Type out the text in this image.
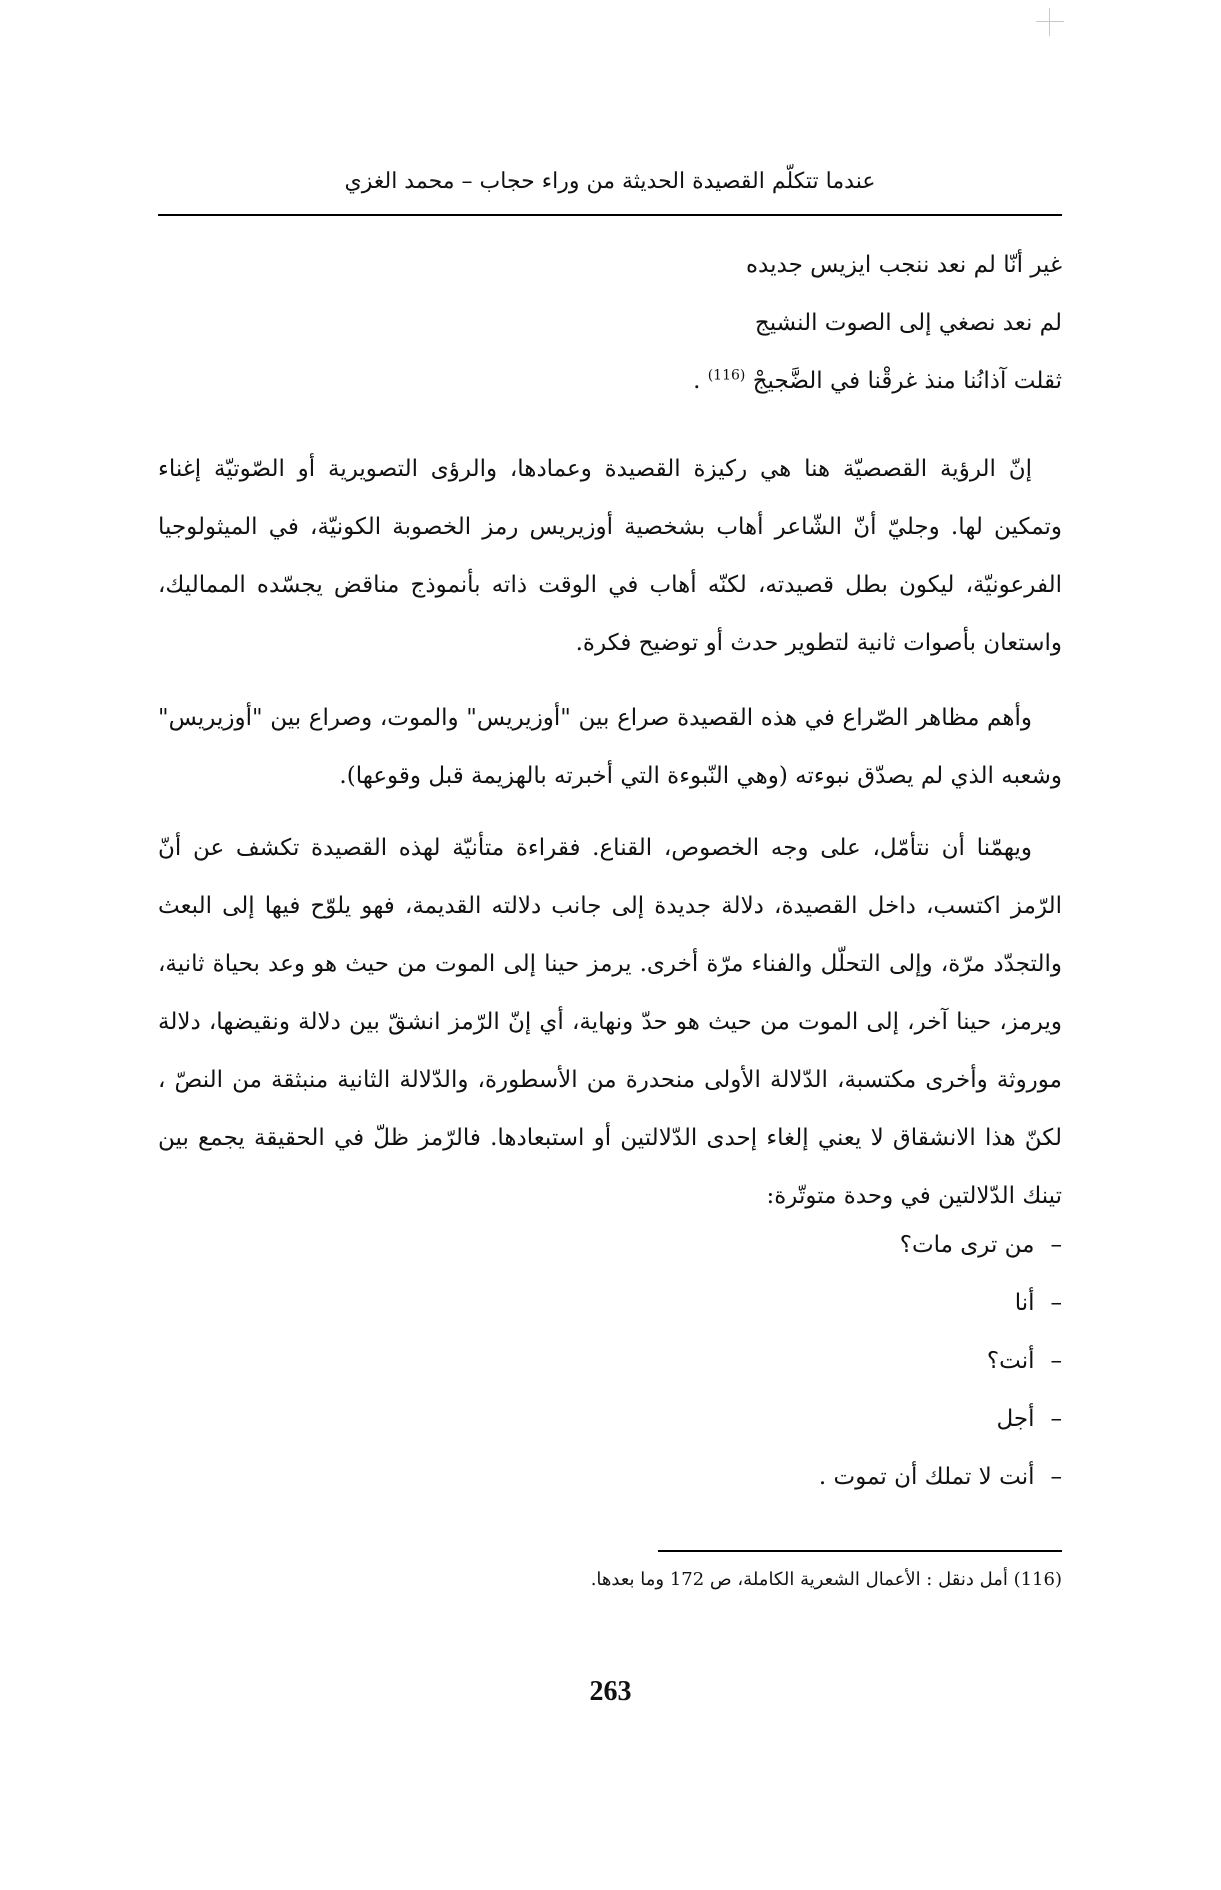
عندما تتكلّم القصيدة الحديثة من وراء حجاب – محمد الغزي
غير أنّا لم نعد ننجب ايزيس جديده
لم نعد نصغي إلى الصوت النشيج
ثقلت آذانُنا منذ غرقْنا في الضَّجيجْ $^{(116)}$ .

إنّ الرؤية القصصيّة هنا هي ركيزة القصيدة وعمادها، والرؤى التصويرية أو الصّوتيّة إغناء وتمكين لها. وجليّ أنّ الشّاعر أهاب بشخصية أوزيريس رمز الخصوبة الكونيّة، في الميثولوجيا الفرعونيّة، ليكون بطل قصيدته، لكنّه أهاب في الوقت ذاته بأنموذج مناقض يجسّده المماليك، واستعان بأصوات ثانية لتطوير حدث أو توضيح فكرة.

وأهم مظاهر الصّراع في هذه القصيدة صراع بين "أوزيريس" والموت، وصراع بين "أوزيريس" وشعبه الذي لم يصدّق نبوءته (وهي النّبوءة التي أخبرته بالهزيمة قبل وقوعها).

ويهمّنا أن نتأمّل، على وجه الخصوص، القناع. فقراءة متأنيّة لهذه القصيدة تكشف عن أنّ الرّمز اكتسب، داخل القصيدة، دلالة جديدة إلى جانب دلالته القديمة، فهو يلوّح فيها إلى البعث والتجدّد مرّة، وإلى التحلّل والفناء مرّة أخرى. يرمز حينا إلى الموت من حيث هو وعد بحياة ثانية، ويرمز، حينا آخر، إلى الموت من حيث هو حدّ ونهاية، أي إنّ الرّمز انشقّ بين دلالة ونقيضها، دلالة موروثة وأخرى مكتسبة، الدّلالة الأولى منحدرة من الأسطورة، والدّلالة الثانية منبثقة من النصّ ، لكنّ هذا الانشقاق لا يعني إلغاء إحدى الدّلالتين أو استبعادها. فالرّمز ظلّ في الحقيقة يجمع بين تينك الدّلالتين في وحدة متوتّرة:

–من ترى مات؟
–أنا
–أنت؟
–أجل
–أنت لا تملك أن تموت .
(116) أمل دنقل : الأعمال الشعرية الكاملة، ص 172 وما بعدها.
263
